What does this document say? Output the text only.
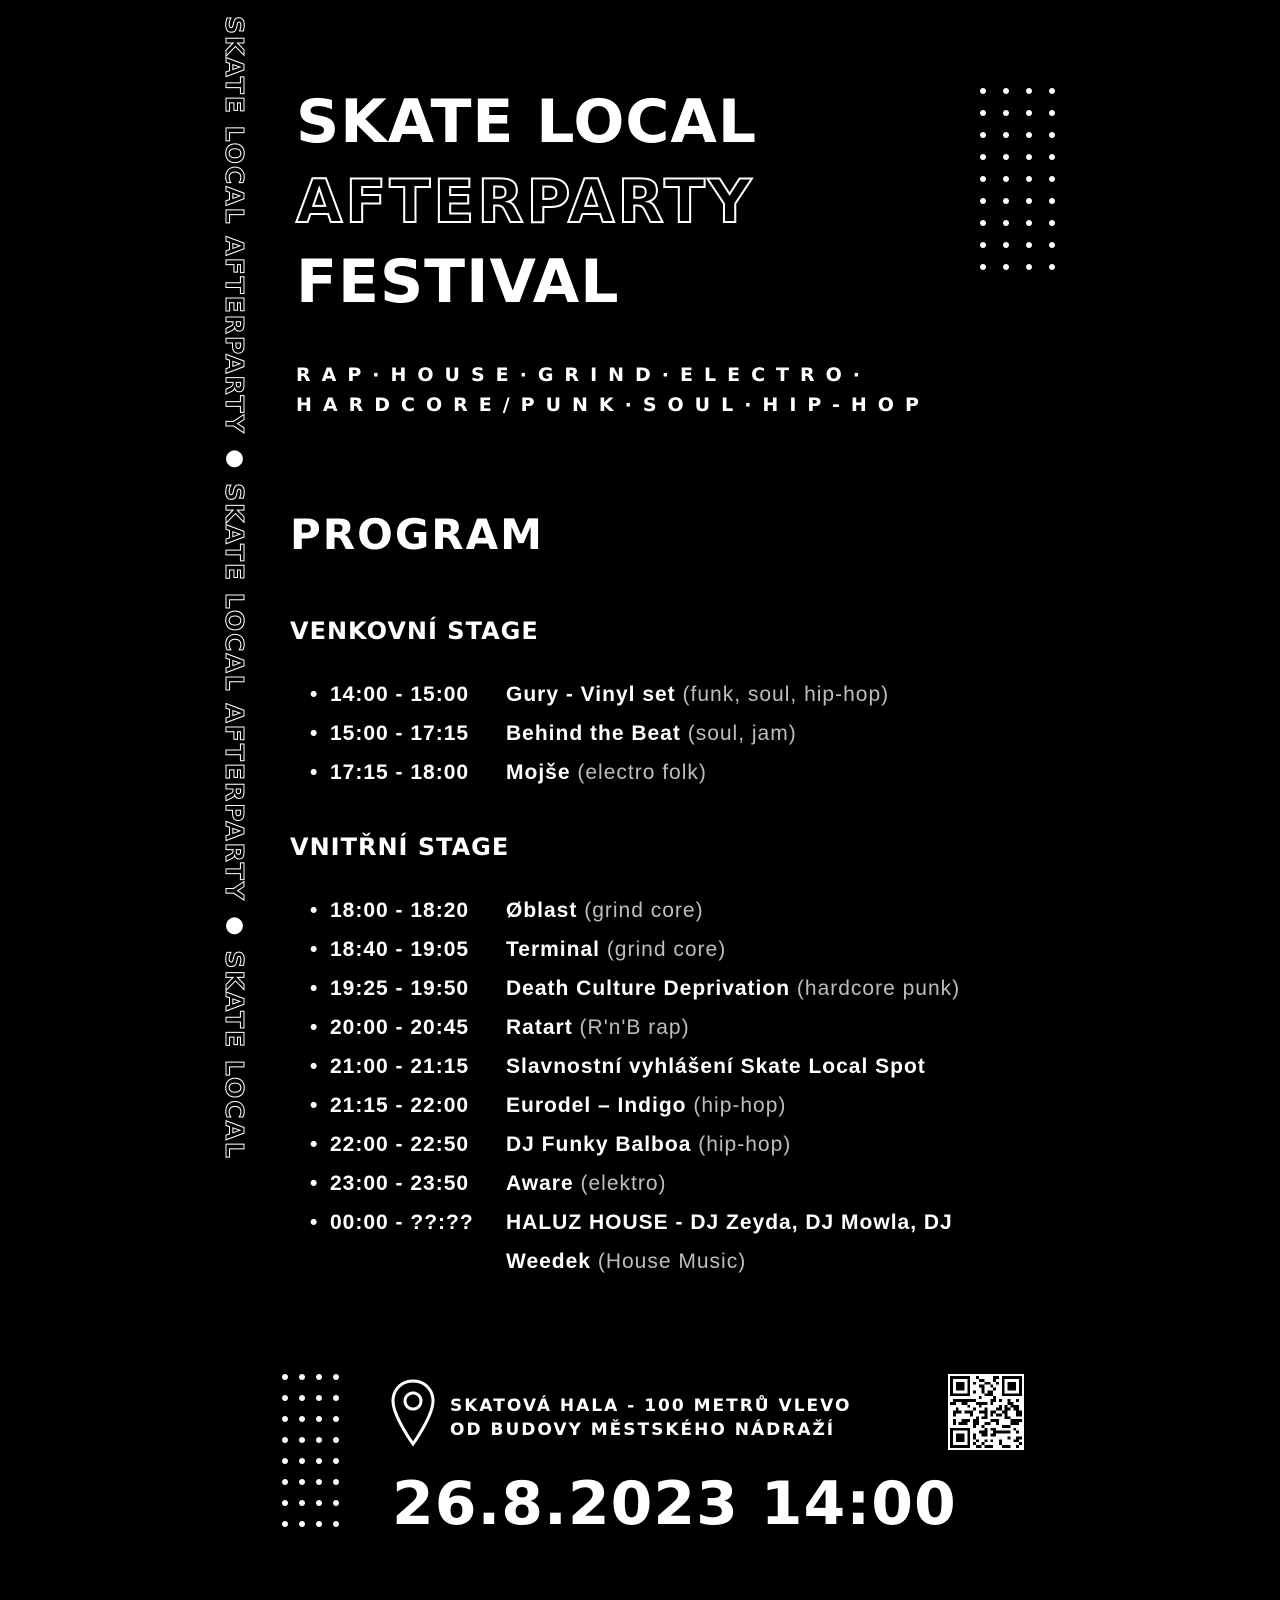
SKATE LOCAL AFTERPARTY ● SKATE LOCAL AFTERPARTY ● SKATE LOCAL
SKATE LOCAL
AFTERPARTY
FESTIVAL
RAP·HOUSE·GRIND·ELECTRO·
HARDCORE/PUNK·SOUL·HIP-HOP
PROGRAM
VENKOVNÍ STAGE
• 14:00 - 15:00	Gury - Vinyl set (funk, soul, hip-hop)
• 15:00 - 17:15	Behind the Beat (soul, jam)
• 17:15 - 18:00	Mojše (electro folk)
VNITŘNÍ STAGE
• 18:00 - 18:20	Øblast (grind core)
• 18:40 - 19:05	Terminal (grind core)
• 19:25 - 19:50	Death Culture Deprivation (hardcore punk)
• 20:00 - 20:45	Ratart (R'n'B rap)
• 21:00 - 21:15	Slavnostní vyhlášení Skate Local Spot
• 21:15 - 22:00	Eurodel – Indigo (hip-hop)
• 22:00 - 22:50	DJ Funky Balboa (hip-hop)
• 23:00 - 23:50	Aware (elektro)
• 00:00 - ??:??	HALUZ HOUSE - DJ Zeyda, DJ Mowla, DJ Weedek (House Music)
SKATOVÁ HALA - 100 METRŮ VLEVO
OD BUDOVY MĚSTSKÉHO NÁDRAŽÍ
26.8.2023 14:00
